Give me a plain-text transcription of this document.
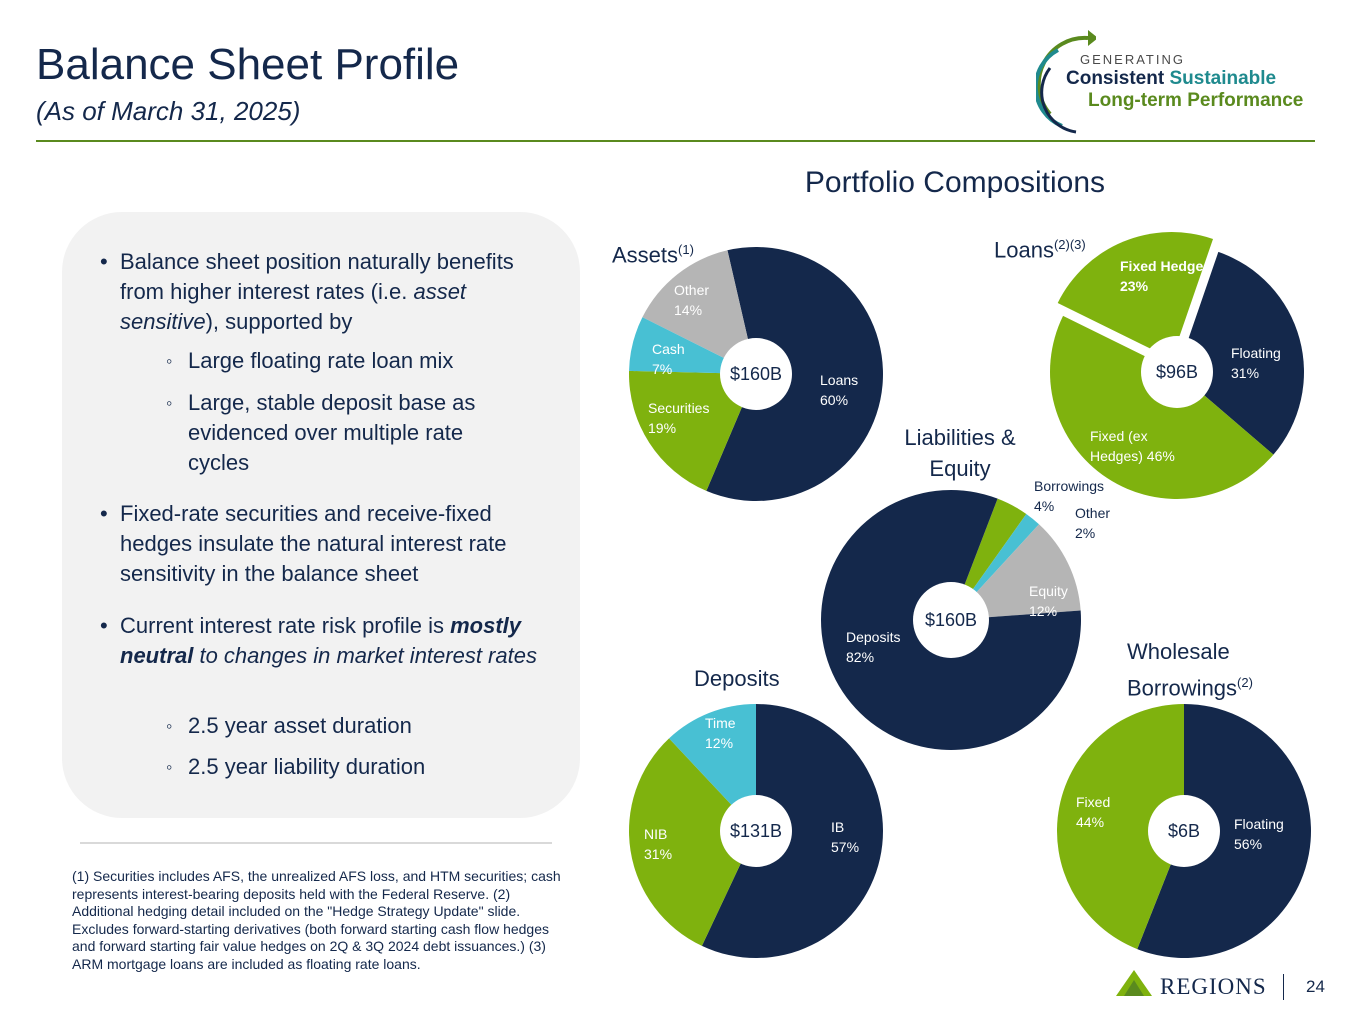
Balance Sheet Profile
(As of March 31, 2025)
GENERATING
Consistent Sustainable
Long-term Performance
• Balance sheet position naturally benefits from higher interest rates (i.e. asset sensitive), supported by
◦ Large floating rate loan mix
◦ Large, stable deposit base as evidenced over multiple rate cycles
• Fixed-rate securities and receive-fixed hedges insulate the natural interest rate sensitivity in the balance sheet
• Current interest rate risk profile is mostly neutral to changes in market interest rates
◦ 2.5 year asset duration
◦ 2.5 year liability duration
(1) Securities includes AFS, the unrealized AFS loss, and HTM securities; cash represents interest-bearing deposits held with the Federal Reserve. (2) Additional hedging detail included on the "Hedge Strategy Update" slide. Excludes forward-starting derivatives (both forward starting cash flow hedges and forward starting fair value hedges on 2Q & 3Q 2024 debt issuances.) (3) ARM mortgage loans are included as floating rate loans.
Portfolio Compositions
Assets$^{(1)}$	Loans$^{(2)(3)}$
Liabilities & Equity
Deposits
Wholesale Borrowings$^{(2)}$
$160B	Loans 60%
Securities 19%
Cash 7%
Other 14%
$96B
Floating 31%
Fixed (ex Hedges) 46%
Fixed Hedges 23%
$160B
Borrowings 4%	Other 2%
Equity 12%
Deposits 82%
$131B	IB 57%
NIB 31%
Time 12%
$6B Floating 56%
Fixed 44%
REGIONS 24
